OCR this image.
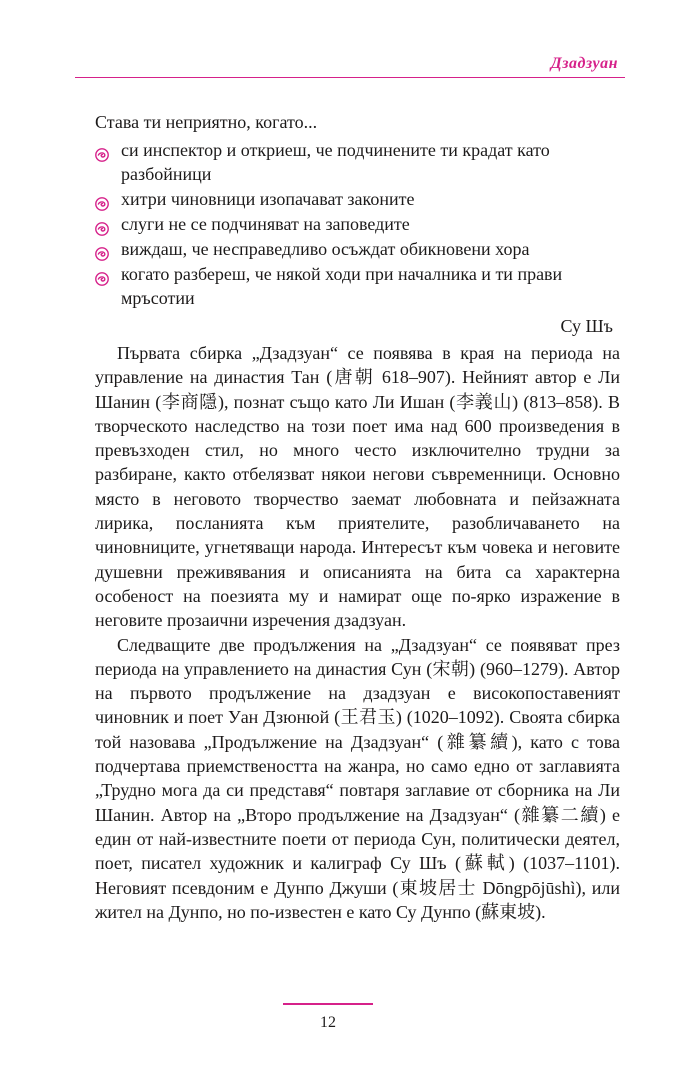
Дзадзуан

Става ти неприятно, когато...

си инспектор и откриеш, че подчинените ти крадат като разбойници
хитри чиновници изопачават законите
слуги не се подчиняват на заповедите
виждаш, че несправедливо осъждат обикновени хора
когато разбереш, че някой ходи при началника и ти прави мръсотии
Су Шъ

Първата сбирка „Дзадзуан“ се появява в края на периода на управление на династия Тан (唐朝 618–907). Нейният автор е Ли Шанин (李商隱), познат също като Ли Ишан (李義山) (813–858). В творческото наследство на този поет има над 600 произведения в превъзходен стил, но много често изключително трудни за разбиране, както отбелязват някои негови съвременници. Основно място в неговото творчество заемат любовната и пейзажната лирика, посланията към приятелите, разобличаването на чиновниците, угнетяващи народа. Интересът към човека и неговите душевни преживявания и описанията на бита са характерна особеност на поезията му и намират още по-ярко изражение в неговите прозаични изречения дзадзуан.

Следващите две продължения на „Дзадзуан“ се появяват през периода на управлението на династия Сун (宋朝) (960–1279). Автор на първото продължение на дзадзуан е високопоставеният чиновник и поет Уан Дзюнюй (王君玉) (1020–1092). Своята сбирка той назовава „Продължение на Дзадзуан“ (雜纂續), като с това подчертава приемствеността на жанра, но само едно от заглавията „Трудно мога да си представя“ повтаря заглавие от сборника на Ли Шанин. Автор на „Второ продължение на Дзадзуан“ (雜纂二續) е един от най-известните поети от периода Сун, политически деятел, поет, писател художник и калиграф Су Шъ (蘇軾) (1037–1101). Неговият псевдоним е Дунпо Джуши (東坡居士 Dōngpōjūshì), или жител на Дунпо, но по-известен е като Су Дунпо (蘇東坡).

12
